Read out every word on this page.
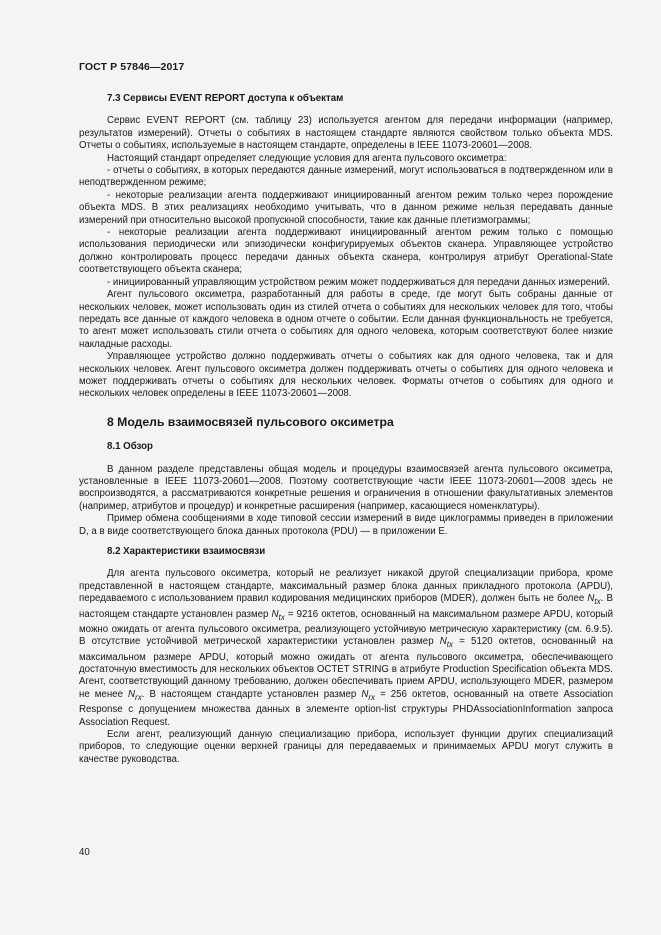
ГОСТ Р 57846—2017
7.3 Сервисы EVENT REPORT доступа к объектам

Сервис EVENT REPORT (см. таблицу 23) используется агентом для передачи информации (например, результатов измерений). Отчеты о событиях в настоящем стандарте являются свойством только объекта MDS. Отчеты о событиях, используемые в настоящем стандарте, определены в IEEE 11073-20601—2008.

Настоящий стандарт определяет следующие условия для агента пульсового оксиметра:

- отчеты о событиях, в которых передаются данные измерений, могут использоваться в подтвержденном или в неподтвержденном режиме;

- некоторые реализации агента поддерживают инициированный агентом режим только через порождение объекта MDS. В этих реализациях необходимо учитывать, что в данном режиме нельзя передавать данные измерений при относительно высокой пропускной способности, такие как данные плетизмограммы;

- некоторые реализации агента поддерживают инициированный агентом режим только с помощью использования периодически или эпизодически конфигурируемых объектов сканера. Управляющее устройство должно контролировать процесс передачи данных объекта сканера, контролируя атрибут Operational-State соответствующего объекта сканера;

- инициированный управляющим устройством режим может поддерживаться для передачи данных измерений.

Агент пульсового оксиметра, разработанный для работы в среде, где могут быть собраны данные от нескольких человек, может использовать один из стилей отчета о событиях для нескольких человек для того, чтобы передать все данные от каждого человека в одном отчете о событии. Если данная функциональность не требуется, то агент может использовать стили отчета о событиях для одного человека, которым соответствуют более низкие накладные расходы.

Управляющее устройство должно поддерживать отчеты о событиях как для одного человека, так и для нескольких человек. Агент пульсового оксиметра должен поддерживать отчеты о событиях для одного человека и может поддерживать отчеты о событиях для нескольких человек. Форматы отчетов о событиях для одного и нескольких человек определены в IEEE 11073-20601—2008.

8 Модель взаимосвязей пульсового оксиметра
8.1 Обзор

В данном разделе представлены общая модель и процедуры взаимосвязей агента пульсового оксиметра, установленные в IEEE 11073-20601—2008. Поэтому соответствующие части IEEE 11073-20601—2008 здесь не воспроизводятся, а рассматриваются конкретные решения и ограничения в отношении факультативных элементов (например, атрибутов и процедур) и конкретные расширения (например, касающиеся номенклатуры).

Пример обмена сообщениями в ходе типовой сессии измерений в виде циклограммы приведен в приложении D, а в виде соответствующего блока данных протокола (PDU) — в приложении Е.

8.2 Характеристики взаимосвязи

Для агента пульсового оксиметра, который не реализует никакой другой специализации прибора, кроме представленной в настоящем стандарте, максимальный размер блока данных прикладного протокола (APDU), передаваемого с использованием правил кодирования медицинских приборов (MDER), должен быть не более $N_{tx}$. В настоящем стандарте установлен размер $N_{tx} = 9216$ октетов, основанный на максимальном размере APDU, который можно ожидать от агента пульсового оксиметра, реализующего устойчивую метрическую характеристику (см. 6.9.5). В отсутствие устойчивой метрической характеристики установлен размер $N_{tx} = 5120$ октетов, основанный на максимальном размере APDU, который можно ожидать от агента пульсового оксиметра, обеспечивающего достаточную вместимость для нескольких объектов OCTET STRING в атрибуте Production Specification объекта MDS. Агент, соответствующий данному требованию, должен обеспечивать прием APDU, использующего MDER, размером не менее $N_{rx}$. В настоящем стандарте установлен размер $N_{rx} = 256$ октетов, основанный на ответе Association Response с допущением множества данных в элементе option-list структуры PHDAssociationInformation запроса Association Request.

Если агент, реализующий данную специализацию прибора, использует функции других специализаций приборов, то следующие оценки верхней границы для передаваемых и принимаемых APDU могут служить в качестве руководства.

40
